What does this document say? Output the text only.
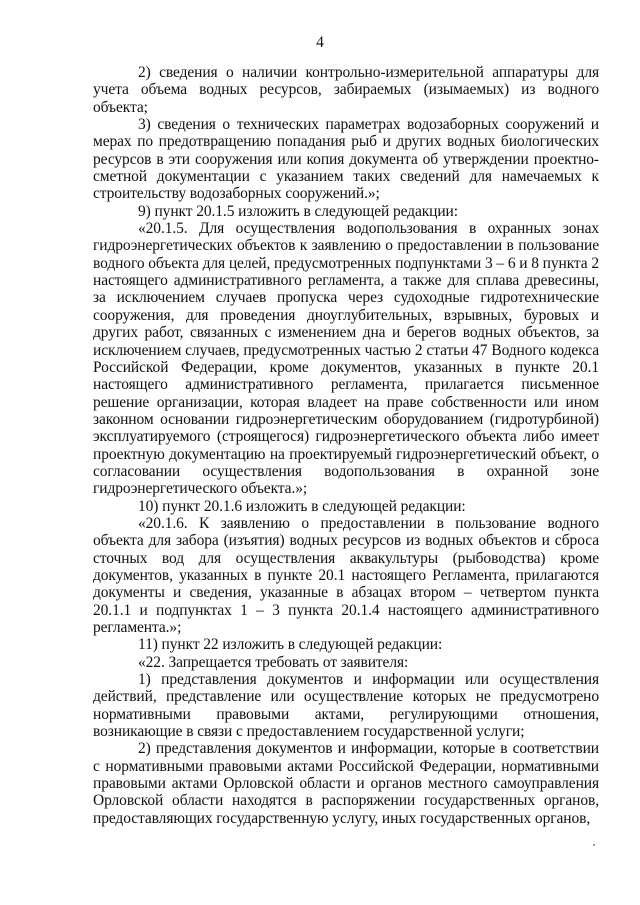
4

2) сведения о наличии контрольно-измерительной аппаратуры для учета объема водных ресурсов, забираемых (изымаемых) из водного объекта;

3) сведения о технических параметрах водозаборных сооружений и мерах по предотвращению попадания рыб и других водных биологических ресурсов в эти сооружения или копия документа об утверждении проектно-сметной документации с указанием таких сведений для намечаемых к строительству водозаборных сооружений.»;

9) пункт 20.1.5 изложить в следующей редакции:

«20.1.5. Для осуществления водопользования в охранных зонах гидроэнергетических объектов к заявлению о предоставлении в пользование водного объекта для целей, предусмотренных подпунктами 3 – 6 и 8 пункта 2 настоящего административного регламента, а также для сплава древесины, за исключением случаев пропуска через судоходные гидротехнические сооружения, для проведения дноуглубительных, взрывных, буровых и других работ, связанных с изменением дна и берегов водных объектов, за исключением случаев, предусмотренных частью 2 статьи 47 Водного кодекса Российской Федерации, кроме документов, указанных в пункте 20.1 настоящего административного регламента, прилагается письменное решение организации, которая владеет на праве собственности или ином законном основании гидроэнергетическим оборудованием (гидротурбиной) эксплуатируемого (строящегося) гидроэнергетического объекта либо имеет проектную документацию на проектируемый гидроэнергетический объект, о согласовании осуществления водопользования в охранной зоне гидроэнергетического объекта.»;

10) пункт 20.1.6 изложить в следующей редакции:

«20.1.6. К заявлению о предоставлении в пользование водного объекта для забора (изъятия) водных ресурсов из водных объектов и сброса сточных вод для осуществления аквакультуры (рыбоводства) кроме документов, указанных в пункте 20.1 настоящего Регламента, прилагаются документы и сведения, указанные в абзацах втором – четвертом пункта 20.1.1 и подпунктах 1 – 3 пункта 20.1.4 настоящего административного регламента.»;

11) пункт 22 изложить в следующей редакции:

«22. Запрещается требовать от заявителя:

1) представления документов и информации или осуществления действий, представление или осуществление которых не предусмотрено нормативными правовыми актами, регулирующими отношения, возникающие в связи с предоставлением государственной услуги;

2) представления документов и информации, которые в соответствии с нормативными правовыми актами Российской Федерации, нормативными правовыми актами Орловской области и органов местного самоуправления Орловской области находятся в распоряжении государственных органов, предоставляющих государственную услугу, иных государственных органов,
